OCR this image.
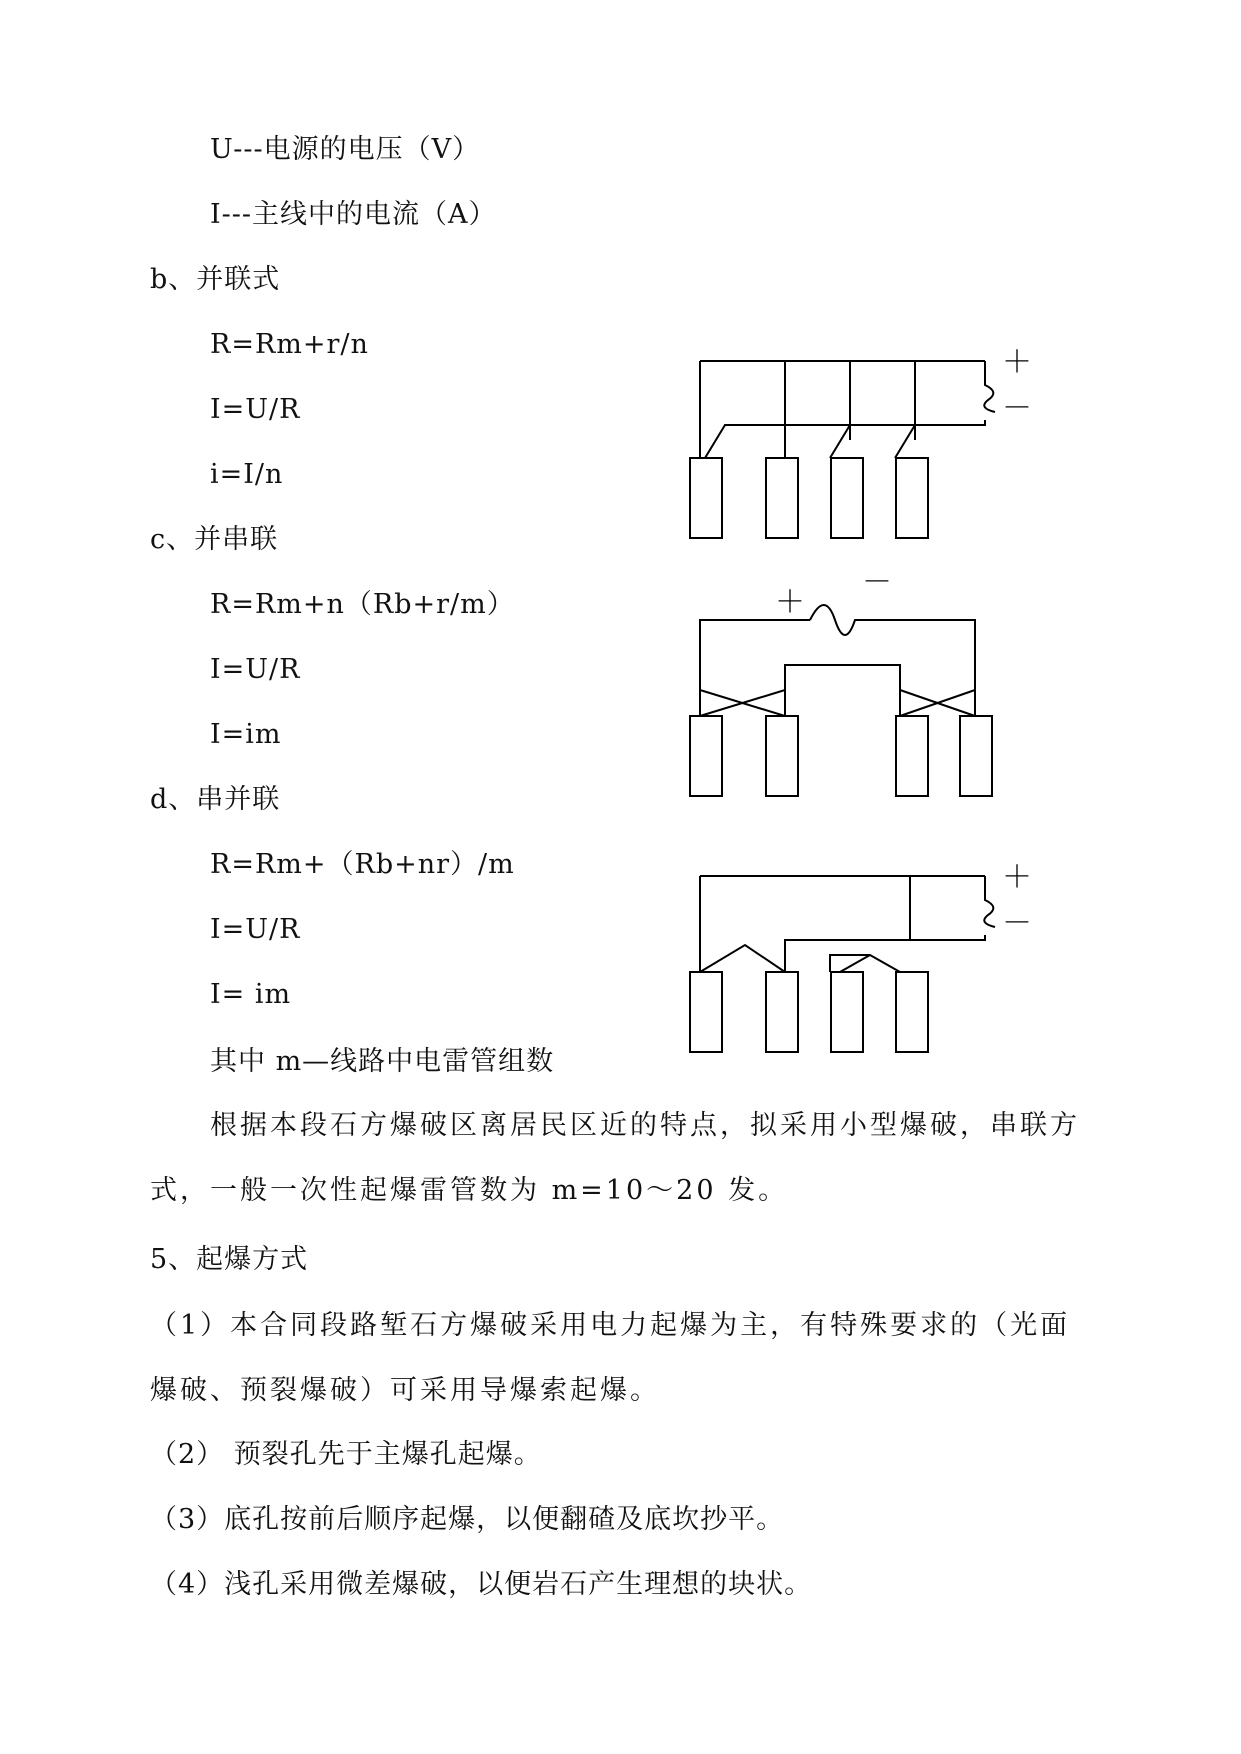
U---电源的电压（V）
I---主线中的电流（A）
b、并联式
R=Rm+r/n
I=U/R
i=I/n
c、并串联
R=Rm+n（Rb+r/m）
I=U/R
I=im
d、串并联
R=Rm+（Rb+nr）/m
I=U/R
I= im
其中 m—线路中电雷管组数
根据本段石方爆破区离居民区近的特点，拟采用小型爆破，串联方式，一般一次性起爆雷管数为 m=10～20 发。
5、起爆方式
（1）本合同段路堑石方爆破采用电力起爆为主，有特殊要求的（光面爆破、预裂爆破）可采用导爆索起爆。
（2） 预裂孔先于主爆孔起爆。
（3）底孔按前后顺序起爆，以便翻碴及底坎抄平。
（4）浅孔采用微差爆破，以便岩石产生理想的块状。
＋
－
＋
－
＋
－
